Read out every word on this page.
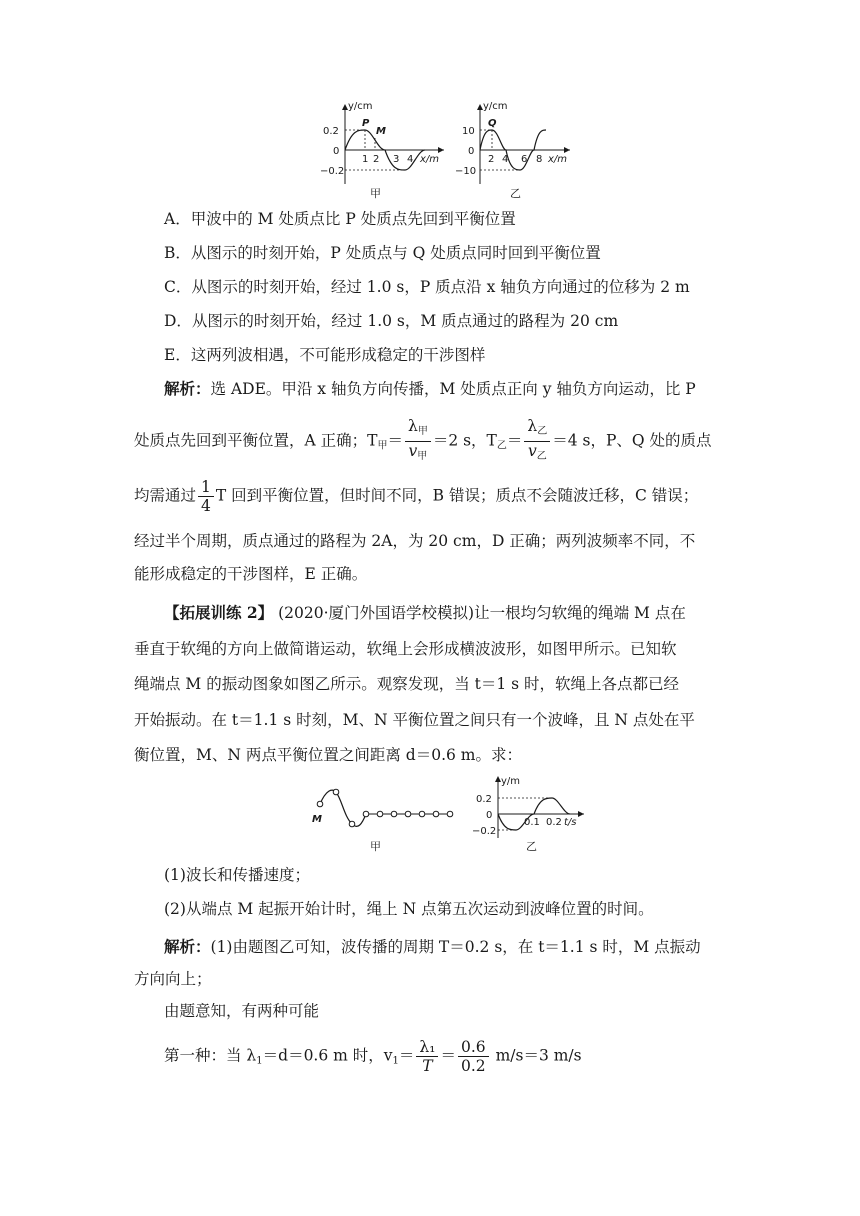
y/cm
0.2
0
−0.2
1 2 3 4 x/m
P
M
甲
y/cm
10
0
−10
2 4 6 8 x/m
Q
乙
A．甲波中的 M 处质点比 P 处质点先回到平衡位置
B．从图示的时刻开始，P 处质点与 Q 处质点同时回到平衡位置
C．从图示的时刻开始，经过 1.0 s，P 质点沿 x 轴负方向通过的位移为 2 m
D．从图示的时刻开始，经过 1.0 s，M 质点通过的路程为 20 cm
E．这两列波相遇，不可能形成稳定的干涉图样
解析：选 ADE。甲沿 x 轴负方向传播，M 处质点正向 y 轴负方向运动，比 P
处质点先回到平衡位置，A 正确；$T_甲= \frac{\lambda_甲}{v_甲} =2$ s，$T_乙= \frac{\lambda_乙}{v_乙} =4$ s，P、Q 处的质点
均需通过 $\frac{1}{4}$ T 回到平衡位置，但时间不同，B 错误；质点不会随波迁移，C 错误；
经过半个周期，质点通过的路程为 2A，为 20 cm，D 正确；两列波频率不同，不
能形成稳定的干涉图样，E 正确。
【拓展训练 2】 (2020·厦门外国语学校模拟)让一根均匀软绳的绳端 M 点在
垂直于软绳的方向上做简谐运动，软绳上会形成横波波形，如图甲所示。已知软
绳端点 M 的振动图象如图乙所示。观察发现，当 t＝1 s 时，软绳上各点都已经
开始振动。在 t＝1.1 s 时刻，M、N 平衡位置之间只有一个波峰，且 N 点处在平
衡位置，M、N 两点平衡位置之间距离 d＝0.6 m。求：
M
甲
y/m
0.2
0
−0.2
0.1 0.2 t/s
乙
(1)波长和传播速度；
(2)从端点 M 起振开始计时，绳上 N 点第五次运动到波峰位置的时间。
解析：(1)由题图乙可知，波传播的周期 T＝0.2 s，在 t＝1.1 s 时，M 点振动
方向向上；
由题意知，有两种可能
第一种：当 $\lambda_1=d=0.6$ m 时，$v_1= \frac{\text{λ₁}}{T} = \frac{0.6}{0.2} m/s=3$ m/s
